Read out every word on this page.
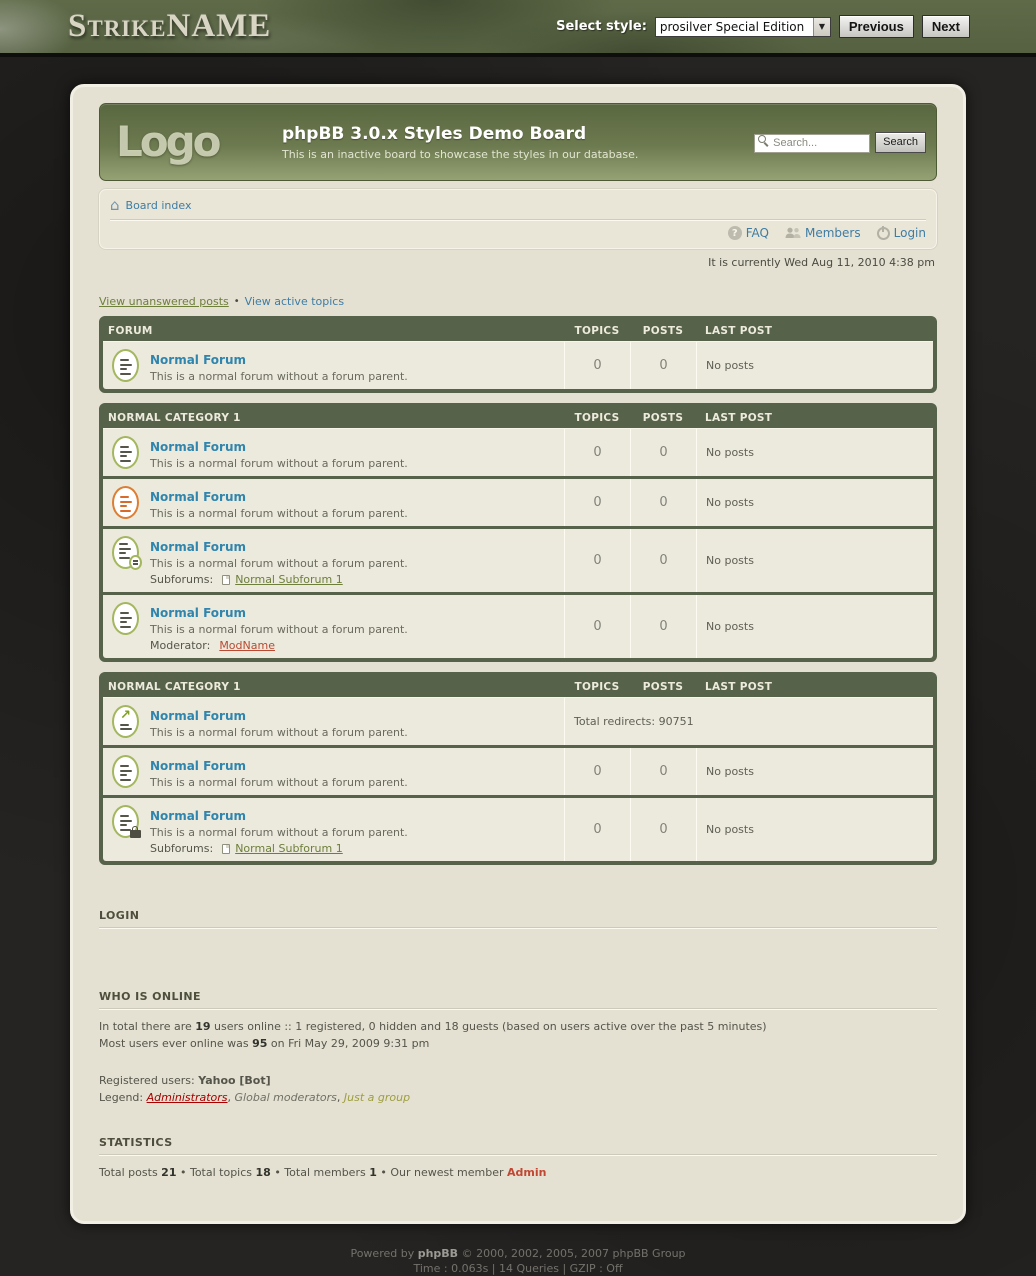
StrikeNAME	Select style:	prosilver Special Edition	▼	Previous	Next
Logo	phpBB 3.0.x Styles Demo Board
This is an inactive board to showcase the styles in our database.
Search...
Search
⌂ Board index
? FAQ	Members	Login
It is currently Wed Aug 11, 2010 4:38 pm
View unanswered posts • View active topics
FORUM	TOPICS	POSTS	LAST POST
Normal Forum
This is a normal forum without a forum parent.
0	0	No posts
NORMAL CATEGORY 1	TOPICS	POSTS	LAST POST
Normal Forum
This is a normal forum without a forum parent.
0	0	No posts
Normal Forum
This is a normal forum without a forum parent.
0	0	No posts
Normal Forum
This is a normal forum without a forum parent.
Subforums: Normal Subforum 1
0	0	No posts
Normal Forum
This is a normal forum without a forum parent.
Moderator: ModName
0	0	No posts
NORMAL CATEGORY 1	TOPICS	POSTS	LAST POST
↗ Normal Forum
This is a normal forum without a forum parent.
Total redirects: 90751
Normal Forum
This is a normal forum without a forum parent.
0	0	No posts
Normal Forum
This is a normal forum without a forum parent.
Subforums: Normal Subforum 1
0	0	No posts
LOGIN
WHO IS ONLINE
In total there are 19 users online :: 1 registered, 0 hidden and 18 guests (based on users active over the past 5 minutes)
Most users ever online was 95 on Fri May 29, 2009 9:31 pm
Registered users: Yahoo [Bot]
Legend: Administrators, Global moderators, Just a group
STATISTICS
Total posts 21 • Total topics 18 • Total members 1 • Our newest member Admin
Powered by phpBB © 2000, 2002, 2005, 2007 phpBB Group
Time : 0.063s | 14 Queries | GZIP : Off
